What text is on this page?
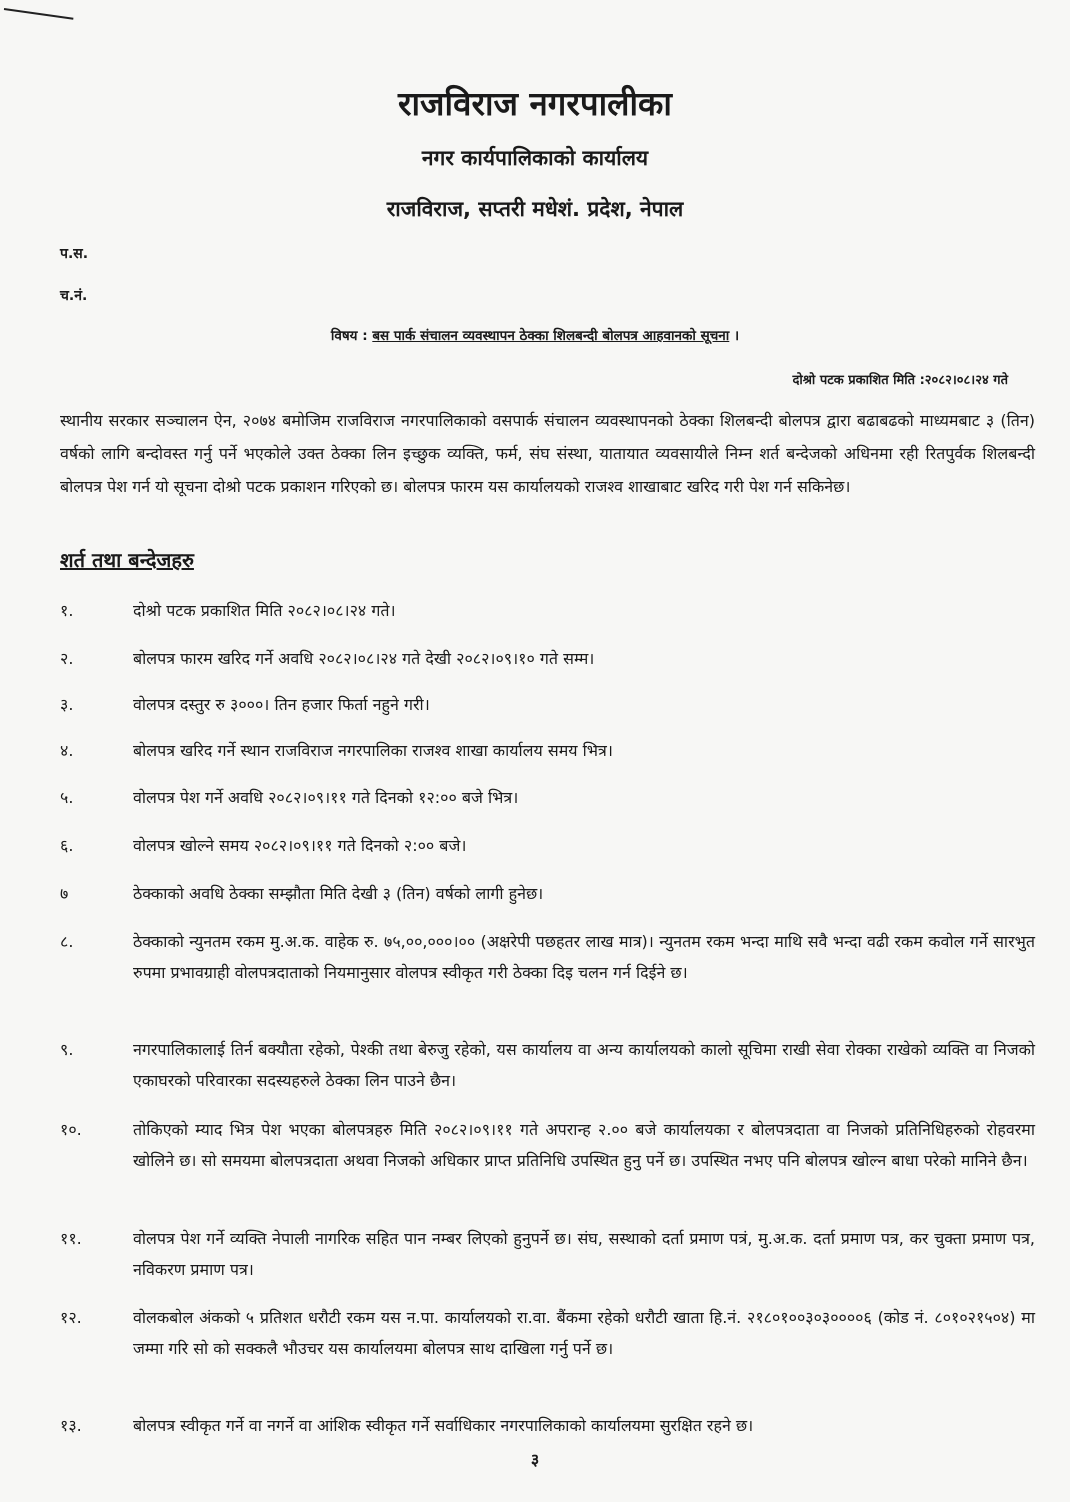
राजविराज नगरपालीका
नगर कार्यपालिकाको कार्यालय
राजविराज, सप्तरी मधेशं. प्रदेश, नेपाल
प.स.
च.नं.
विषय : बस पार्क संचालन व्यवस्थापन ठेक्का शिलबन्दी बोलपत्र आहवानको सूचना ।
दोश्रो पटक प्रकाशित मिति :२०८२।०८।२४ गते
स्थानीय सरकार सञ्चालन ऐन, २०७४ बमोजिम राजविराज नगरपालिकाको वसपार्क संचालन व्यवस्थापनको ठेक्का शिलबन्दी बोलपत्र द्वारा बढाबढको माध्यमबाट ३ (तिन) वर्षको लागि बन्दोवस्त गर्नु पर्ने भएकोले उक्त ठेक्का लिन इच्छुक व्यक्ति, फर्म, संघ संस्था, यातायात व्यवसायीले निम्न शर्त बन्देजको अधिनमा रही रितपुर्वक शिलबन्दी बोलपत्र पेश गर्न यो सूचना दोश्रो पटक प्रकाशन गरिएको छ। बोलपत्र फारम यस कार्यालयको राजश्व शाखाबाट खरिद गरी पेश गर्न सकिनेछ।
शर्त तथा बन्देजहरु
१.	दोश्रो पटक प्रकाशित मिति २०८२।०८।२४ गते।
२.	बोलपत्र फारम खरिद गर्ने अवधि २०८२।०८।२४ गते देखी २०८२।०९।१० गते सम्म।
३.	वोलपत्र दस्तुर रु ३०००। तिन हजार फिर्ता नहुने गरी।
४.	बोलपत्र खरिद गर्ने स्थान राजविराज नगरपालिका राजश्व शाखा कार्यालय समय भित्र।
५.	वोलपत्र पेश गर्ने अवधि २०८२।०९।११ गते दिनको १२:०० बजे भित्र।
६.	वोलपत्र खोल्ने समय २०८२।०९।११ गते दिनको २:०० बजे।
७	ठेक्काको अवधि ठेक्का सम्झौता मिति देखी ३ (तिन) वर्षको लागी हुनेछ।
८.	ठेक्काको न्युनतम रकम मु.अ.क. वाहेक रु. ७५,००,०००।०० (अक्षरेपी पछहतर लाख मात्र)। न्युनतम रकम भन्दा माथि सवै भन्दा वढी रकम कवोल गर्ने सारभुत रुपमा प्रभावग्राही वोलपत्रदाताको नियमानुसार वोलपत्र स्वीकृत गरी ठेक्का दिइ चलन गर्न दिईने छ।
९.	नगरपालिकालाई तिर्न बक्यौता रहेको, पेश्की तथा बेरुजु रहेको, यस कार्यालय वा अन्य कार्यालयको कालो सूचिमा राखी सेवा रोक्का राखेको व्यक्ति वा निजको एकाघरको परिवारका सदस्यहरुले ठेक्का लिन पाउने छैन।
१०.	तोकिएको म्याद भित्र पेश भएका बोलपत्रहरु मिति २०८२।०९।११ गते अपरान्ह २.०० बजे कार्यालयका र बोलपत्रदाता वा निजको प्रतिनिधिहरुको रोहवरमा खोलिने छ। सो समयमा बोलपत्रदाता अथवा निजको अधिकार प्राप्त प्रतिनिधि उपस्थित हुनु पर्ने छ। उपस्थित नभए पनि बोलपत्र खोल्न बाधा परेको मानिने छैन।
११.	वोलपत्र पेश गर्ने व्यक्ति नेपाली नागरिक सहित पान नम्बर लिएको हुनुपर्ने छ। संघ, सस्थाको दर्ता प्रमाण पत्रं, मु.अ.क. दर्ता प्रमाण पत्र, कर चुक्ता प्रमाण पत्र, नविकरण प्रमाण पत्र।
१२.	वोलकबोल अंकको ५ प्रतिशत धरौटी रकम यस न.पा. कार्यालयको रा.वा. बैंकमा रहेको धरौटी खाता हि.नं. २१८०१००३०३००००६ (कोड नं. ८०१०२१५०४) मा जम्मा गरि सो को सक्कलै भौउचर यस कार्यालयमा बोलपत्र साथ दाखिला गर्नु पर्ने छ।
१३.	बोलपत्र स्वीकृत गर्ने वा नगर्ने वा आंशिक स्वीकृत गर्ने सर्वाधिकार नगरपालिकाको कार्यालयमा सुरक्षित रहने छ।
३
